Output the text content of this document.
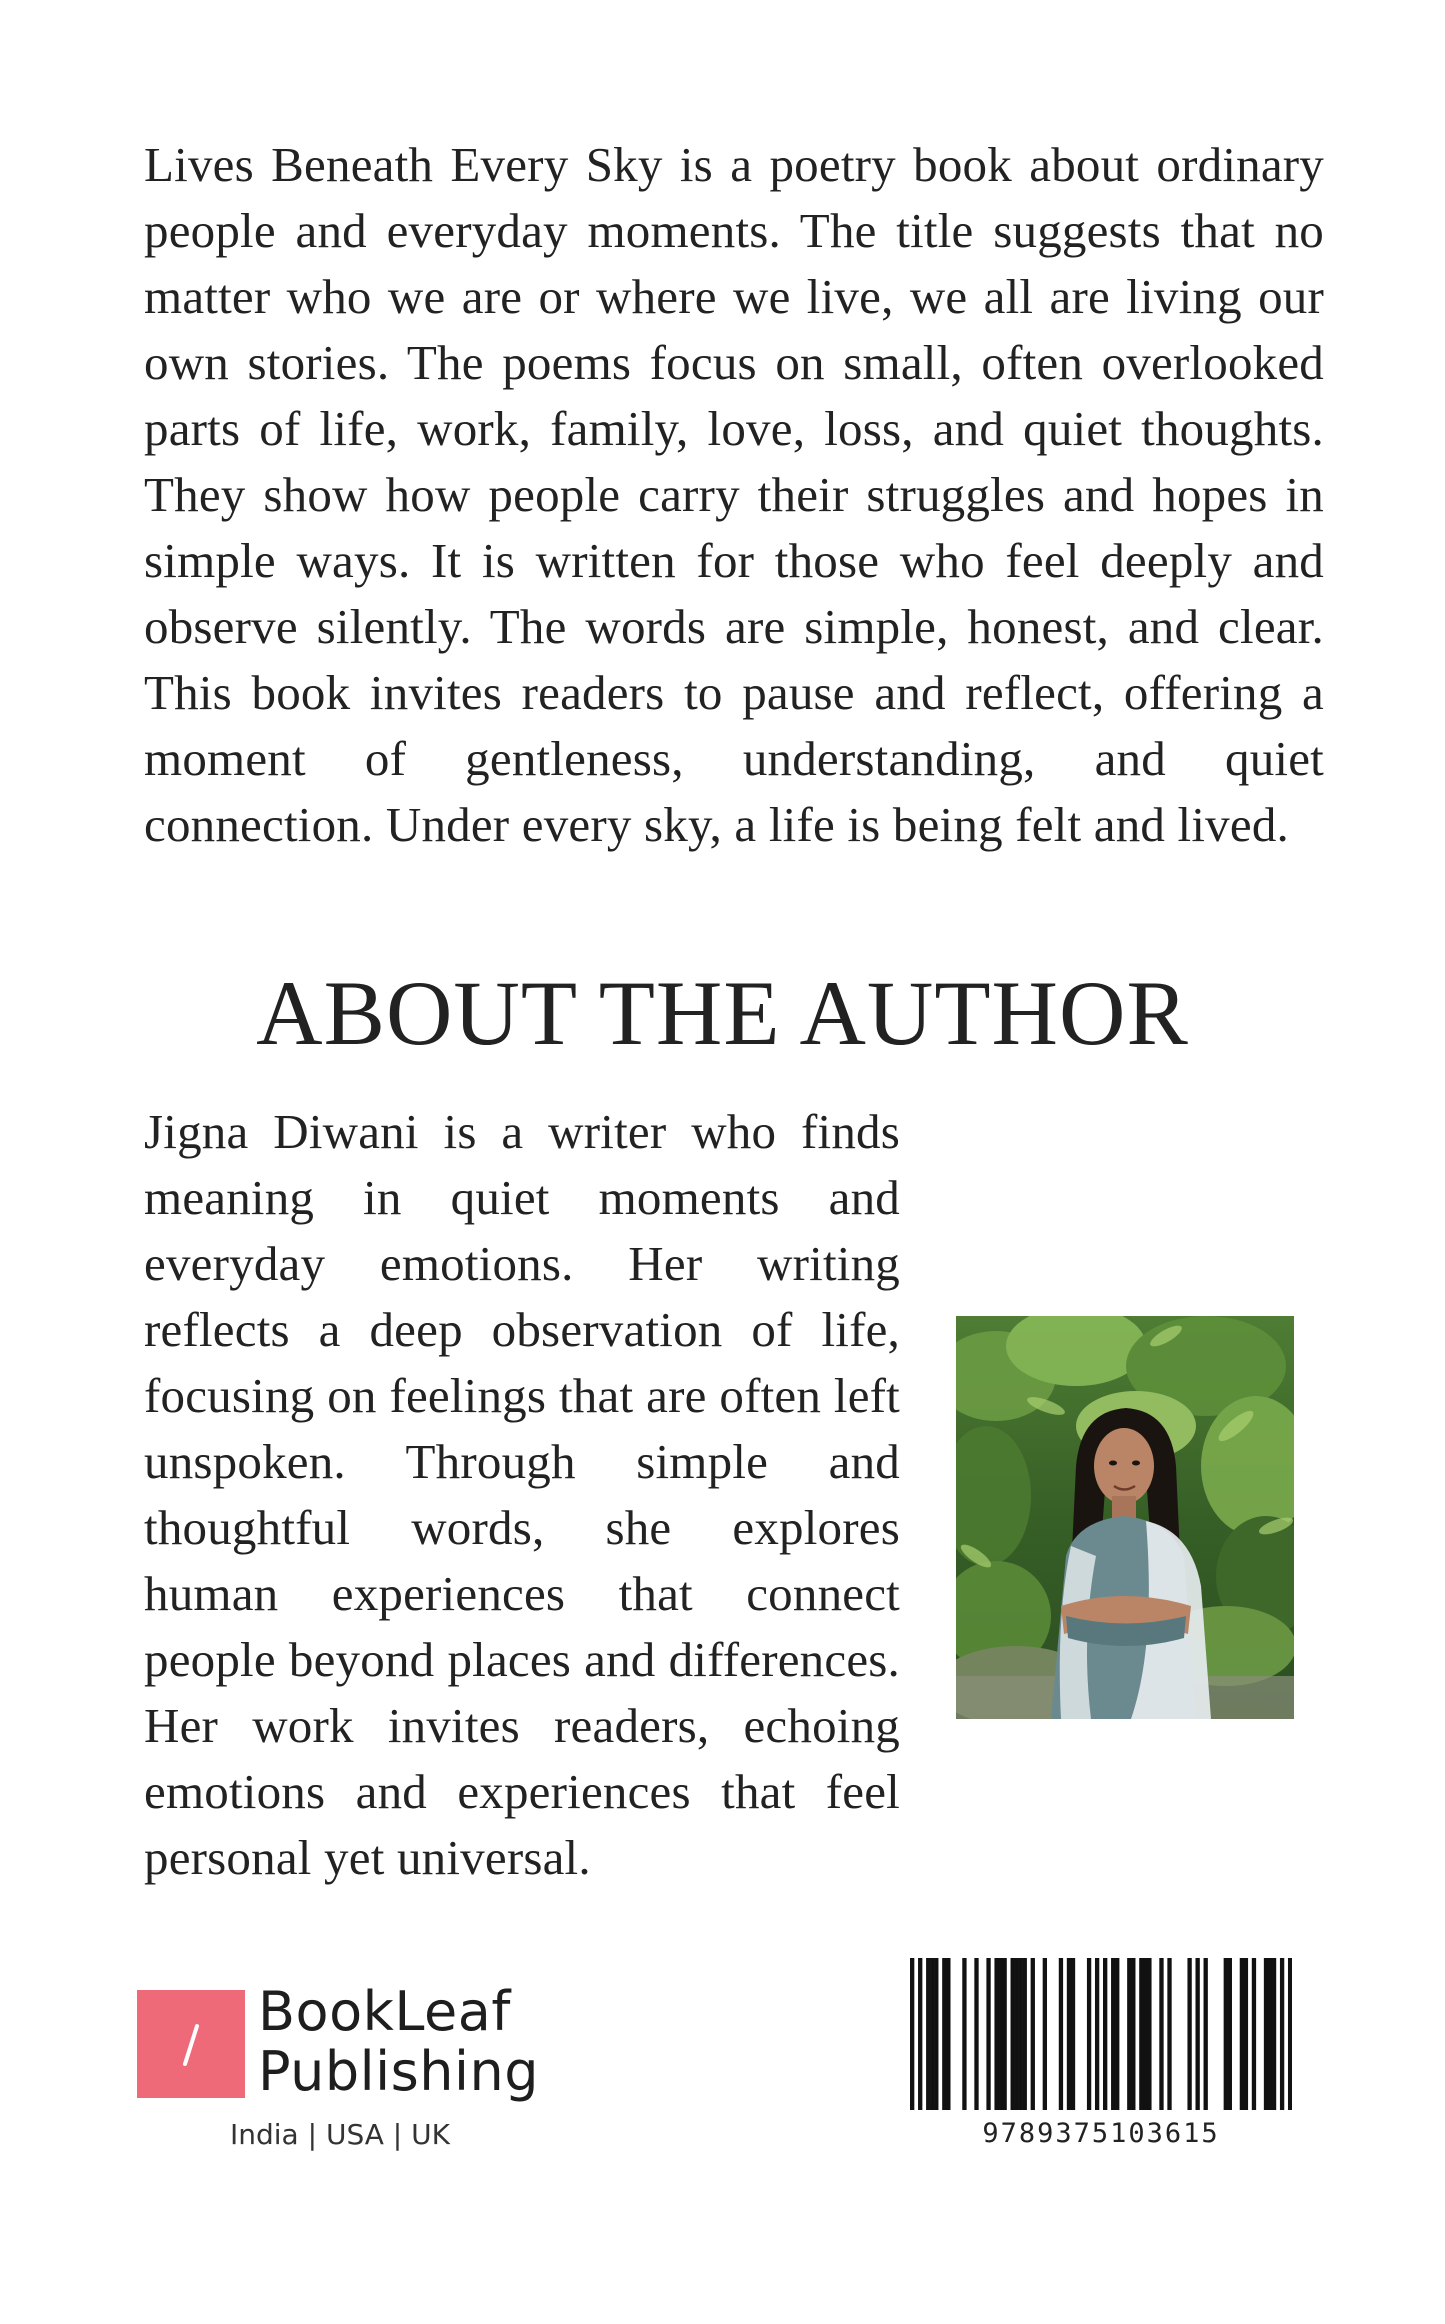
Lives Beneath Every Sky is a poetry book about ordinary people and everyday moments. The title suggests that no matter who we are or where we live, we all are living our own stories. The poems focus on small, often overlooked parts of life, work, family, love, loss, and quiet thoughts. They show how people carry their struggles and hopes in simple ways. It is written for those who feel deeply and observe silently. The words are simple, honest, and clear. This book invites readers to pause and reflect, offering a moment of gentleness, understanding, and quiet connection. Under every sky, a life is being felt and lived.

ABOUT THE AUTHOR

Jigna Diwani is a writer who finds meaning in quiet moments and everyday emotions. Her writing reflects a deep observation of life, focusing on feelings that are often left unspoken. Through simple and thoughtful words, she explores human experiences that connect people beyond places and differences. Her work invites readers, echoing emotions and experiences that feel personal yet universal.

BookLeaf
Publishing
India | USA | UK	9789375103615
